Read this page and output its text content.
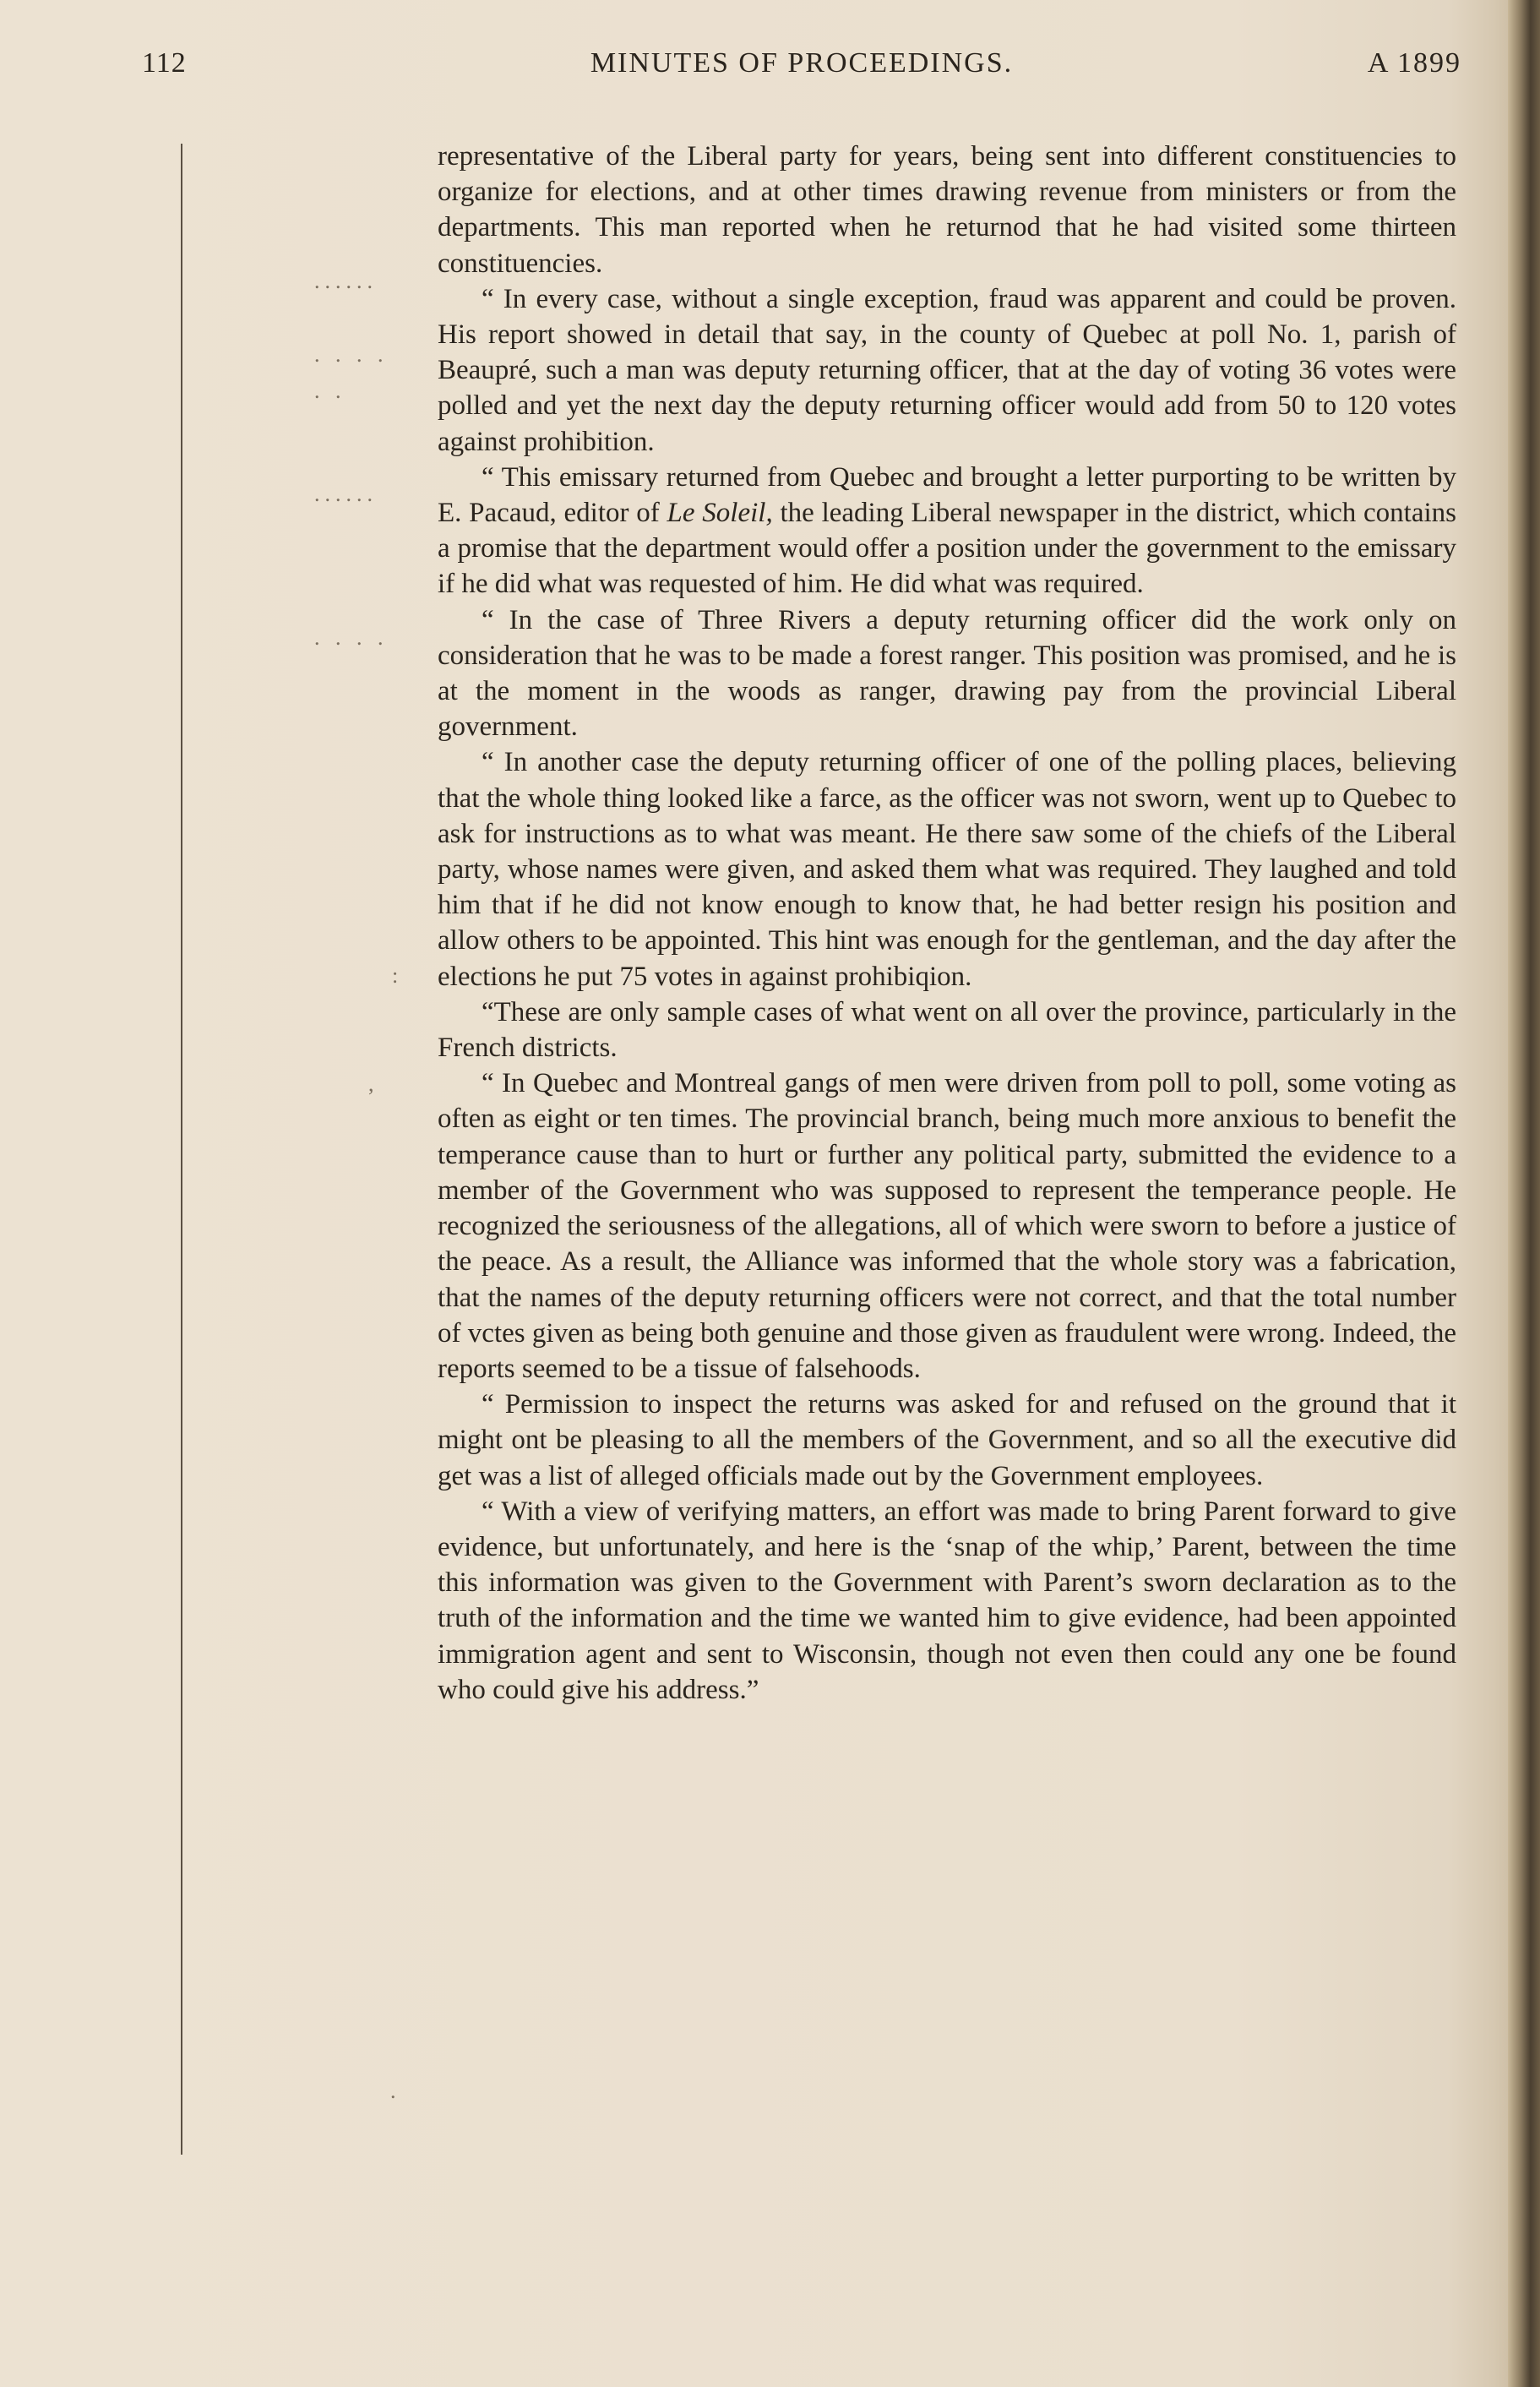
112	MINUTES OF PROCEEDINGS.	A 1899
......
. . . .
. .
......
. . . .
:
,
.

representative of the Liberal party for years, being sent into different constituencies to organize for elections, and at other times drawing revenue from ministers or from the departments. This man reported when he returnod that he had visited some thirteen constituencies.

“ In every case, without a single exception, fraud was apparent and could be proven. His report showed in detail that say, in the county of Quebec at poll No. 1, parish of Beaupré, such a man was deputy returning officer, that at the day of voting 36 votes were polled and yet the next day the deputy returning officer would add from 50 to 120 votes against prohibition.

“ This emissary returned from Quebec and brought a letter purporting to be written by E. Pacaud, editor of Le Soleil, the leading Liberal newspaper in the district, which contains a promise that the department would offer a position under the government to the emissary if he did what was requested of him. He did what was required.

“ In the case of Three Rivers a deputy returning officer did the work only on consideration that he was to be made a forest ranger. This position was promised, and he is at the moment in the woods as ranger, drawing pay from the provincial Liberal government.

“ In another case the deputy returning officer of one of the polling places, believing that the whole thing looked like a farce, as the officer was not sworn, went up to Quebec to ask for instructions as to what was meant. He there saw some of the chiefs of the Liberal party, whose names were given, and asked them what was required. They laughed and told him that if he did not know enough to know that, he had better resign his position and allow others to be appointed. This hint was enough for the gentleman, and the day after the elections he put 75 votes in against prohibiqion.

“These are only sample cases of what went on all over the province, particularly in the French districts.

“ In Quebec and Montreal gangs of men were driven from poll to poll, some voting as often as eight or ten times. The provincial branch, being much more anxious to benefit the temperance cause than to hurt or further any political party, submitted the evidence to a member of the Government who was supposed to represent the temperance people. He recognized the seriousness of the allegations, all of which were sworn to before a justice of the peace. As a result, the Alliance was informed that the whole story was a fabrication, that the names of the deputy returning officers were not correct, and that the total number of vctes given as being both genuine and those given as fraudulent were wrong. Indeed, the reports seemed to be a tissue of falsehoods.

“ Permission to inspect the returns was asked for and refused on the ground that it might ont be pleasing to all the members of the Government, and so all the executive did get was a list of alleged officials made out by the Government employees.

“ With a view of verifying matters, an effort was made to bring Parent forward to give evidence, but unfortunately, and here is the ‘snap of the whip,’ Parent, between the time this information was given to the Government with Parent’s sworn declaration as to the truth of the information and the time we wanted him to give evidence, had been appointed immigration agent and sent to Wisconsin, though not even then could any one be found who could give his address.”
